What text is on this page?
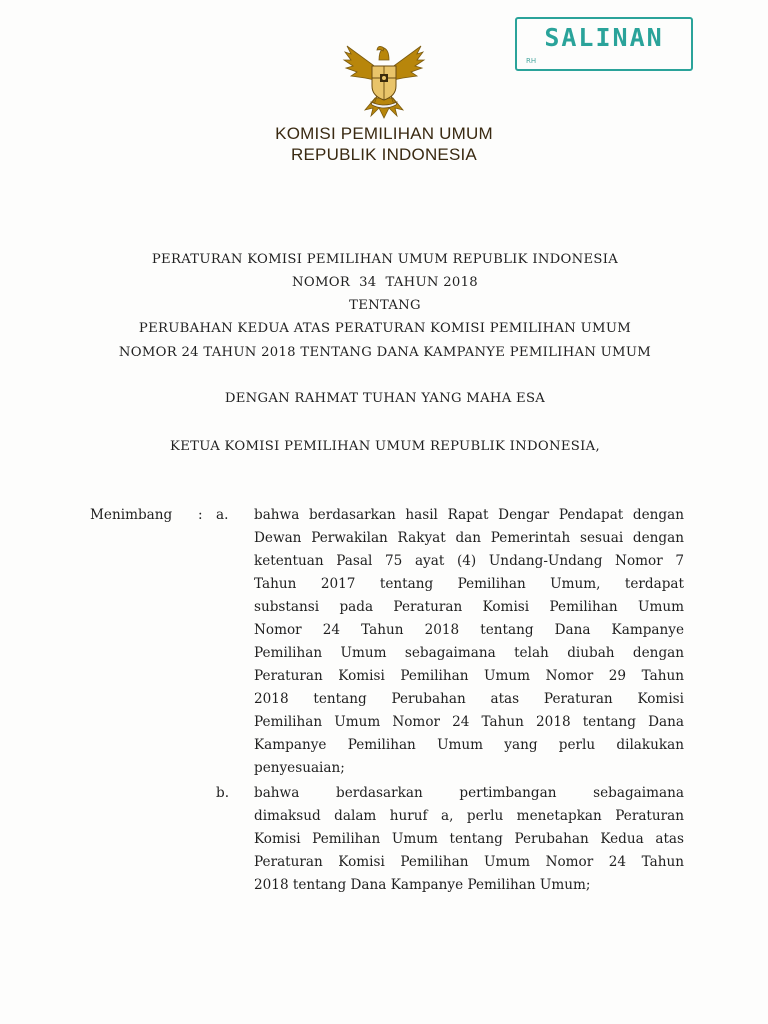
SALINAN
RH
KOMISI PEMILIHAN UMUM
REPUBLIK INDONESIA
PERATURAN KOMISI PEMILIHAN UMUM REPUBLIK INDONESIA
NOMOR  34  TAHUN 2018
TENTANG
PERUBAHAN KEDUA ATAS PERATURAN KOMISI PEMILIHAN UMUM
NOMOR 24 TAHUN 2018 TENTANG DANA KAMPANYE PEMILIHAN UMUM
DENGAN RAHMAT TUHAN YANG MAHA ESA
KETUA KOMISI PEMILIHAN UMUM REPUBLIK INDONESIA,
Menimbang : a. bahwa berdasarkan hasil Rapat Dengar Pendapat dengan
Dewan Perwakilan Rakyat dan Pemerintah sesuai dengan
ketentuan Pasal 75 ayat (4) Undang-Undang Nomor 7
Tahun 2017 tentang Pemilihan Umum, terdapat
substansi pada Peraturan Komisi Pemilihan Umum
Nomor 24 Tahun 2018 tentang Dana Kampanye
Pemilihan Umum sebagaimana telah diubah dengan
Peraturan Komisi Pemilihan Umum Nomor 29 Tahun
2018 tentang Perubahan atas Peraturan Komisi
Pemilihan Umum Nomor 24 Tahun 2018 tentang Dana
Kampanye Pemilihan Umum yang perlu dilakukan
penyesuaian;
b. bahwa berdasarkan pertimbangan sebagaimana
dimaksud dalam huruf a, perlu menetapkan Peraturan
Komisi Pemilihan Umum tentang Perubahan Kedua atas
Peraturan Komisi Pemilihan Umum Nomor 24 Tahun
2018 tentang Dana Kampanye Pemilihan Umum;
